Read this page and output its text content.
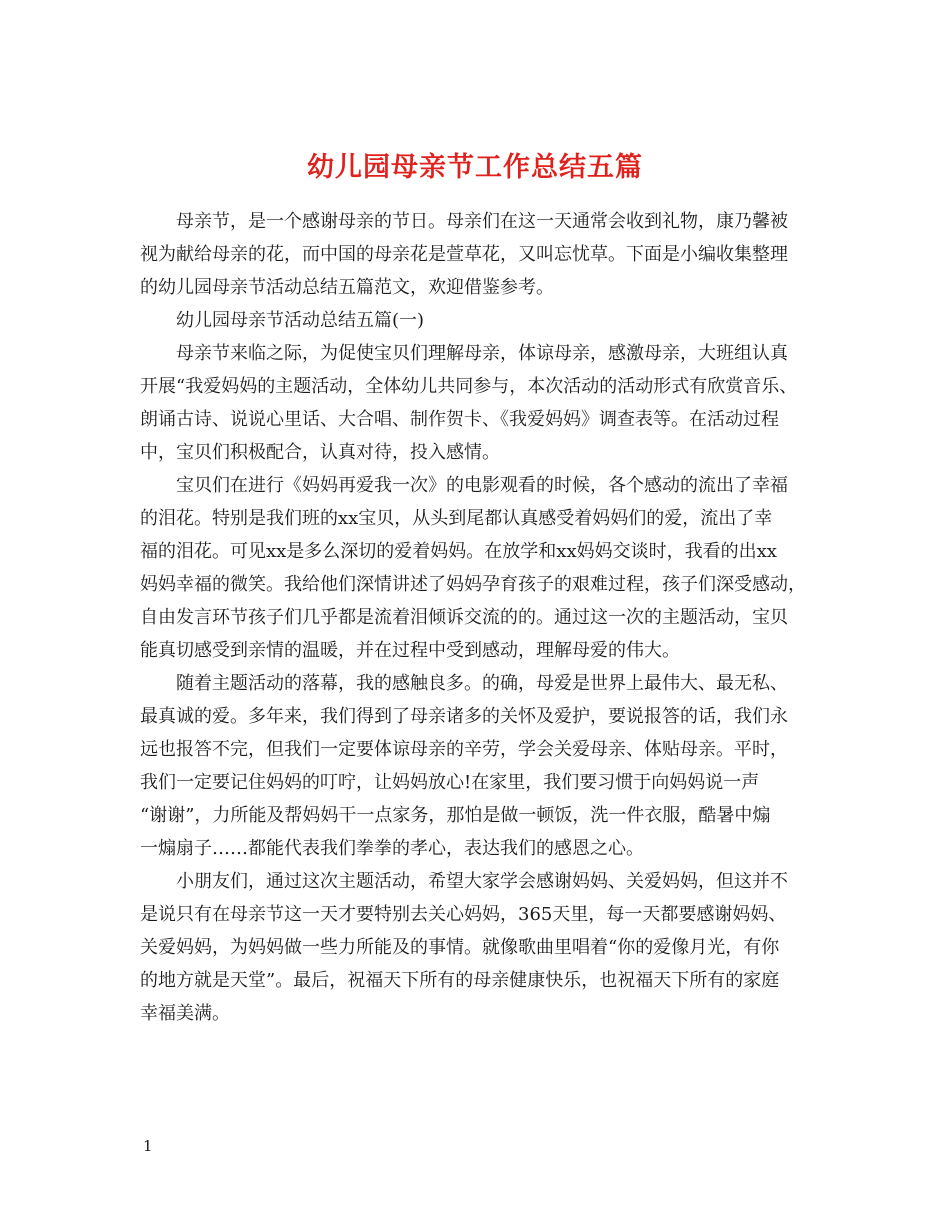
幼儿园母亲节工作总结五篇

母亲节，是一个感谢母亲的节日。母亲们在这一天通常会收到礼物，康乃馨被

视为献给母亲的花，而中国的母亲花是萱草花，又叫忘忧草。下面是小编收集整理

的幼儿园母亲节活动总结五篇范文，欢迎借鉴参考。

幼儿园母亲节活动总结五篇(一)

母亲节来临之际，为促使宝贝们理解母亲，体谅母亲，感激母亲，大班组认真

开展“我爱妈妈的主题活动，全体幼儿共同参与，本次活动的活动形式有欣赏音乐、

朗诵古诗、说说心里话、大合唱、制作贺卡、《我爱妈妈》调查表等。在活动过程

中，宝贝们积极配合，认真对待，投入感情。

宝贝们在进行《妈妈再爱我一次》的电影观看的时候，各个感动的流出了幸福

的泪花。特别是我们班的xx宝贝，从头到尾都认真感受着妈妈们的爱，流出了幸

福的泪花。可见xx是多么深切的爱着妈妈。在放学和xx妈妈交谈时，我看的出xx

妈妈幸福的微笑。我给他们深情讲述了妈妈孕育孩子的艰难过程，孩子们深受感动，

自由发言环节孩子们几乎都是流着泪倾诉交流的的。通过这一次的主题活动，宝贝

能真切感受到亲情的温暖，并在过程中受到感动，理解母爱的伟大。

随着主题活动的落幕，我的感触良多。的确，母爱是世界上最伟大、最无私、

最真诚的爱。多年来，我们得到了母亲诸多的关怀及爱护，要说报答的话，我们永

远也报答不完，但我们一定要体谅母亲的辛劳，学会关爱母亲、体贴母亲。平时，

我们一定要记住妈妈的叮咛，让妈妈放心!在家里，我们要习惯于向妈妈说一声

“谢谢”，力所能及帮妈妈干一点家务，那怕是做一顿饭，洗一件衣服，酷暑中煽

一煽扇子……都能代表我们拳拳的孝心，表达我们的感恩之心。

小朋友们，通过这次主题活动，希望大家学会感谢妈妈、关爱妈妈，但这并不

是说只有在母亲节这一天才要特别去关心妈妈，365天里，每一天都要感谢妈妈、

关爱妈妈，为妈妈做一些力所能及的事情。就像歌曲里唱着“你的爱像月光，有你

的地方就是天堂”。最后，祝福天下所有的母亲健康快乐，也祝福天下所有的家庭

幸福美满。

1
